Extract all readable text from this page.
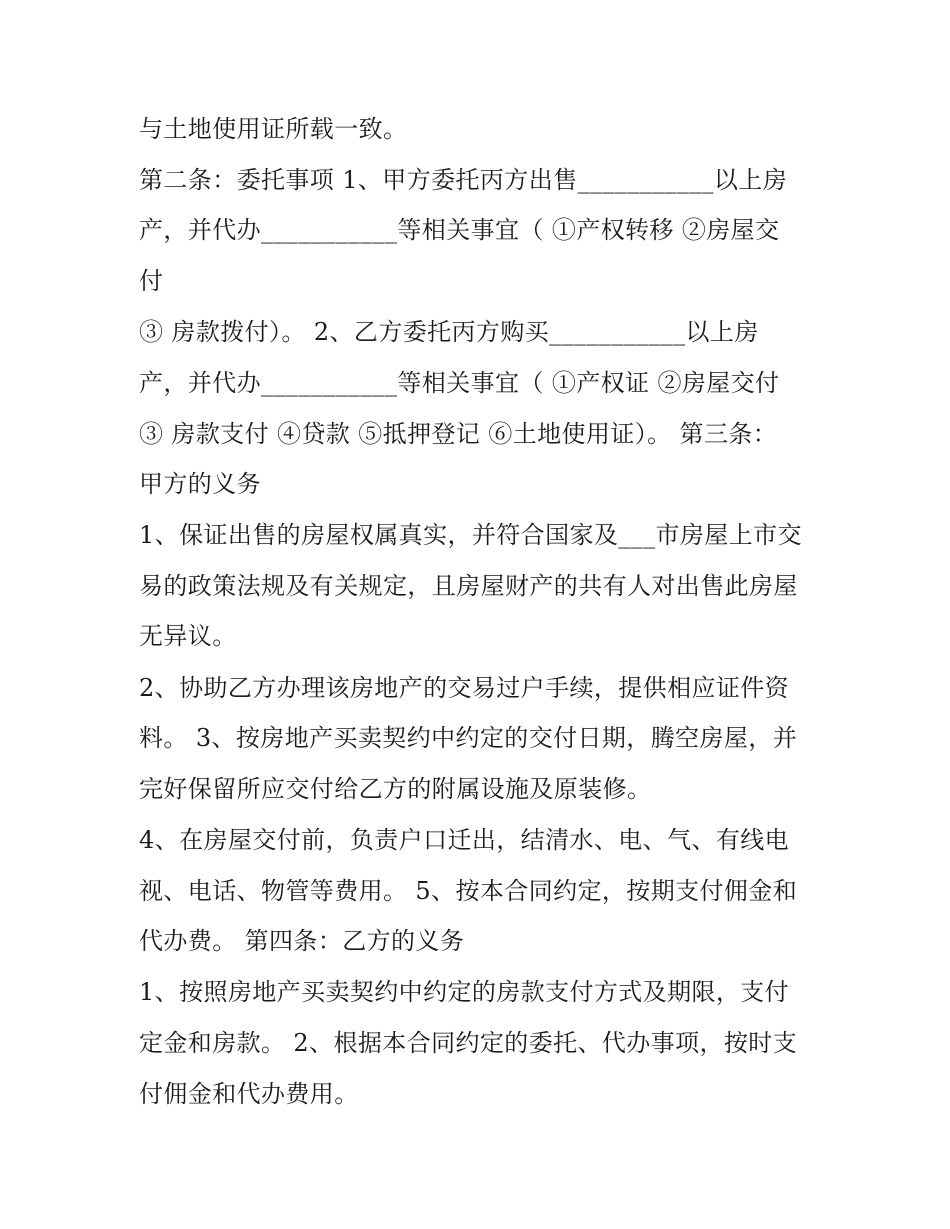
与土地使用证所载一致。

第二条：委托事项 1、甲方委托丙方出售___________以上房

产，并代办___________等相关事宜（ ①产权转移 ②房屋交

付

③ 房款拨付）。 2、乙方委托丙方购买___________以上房

产，并代办___________等相关事宜（ ①产权证 ②房屋交付

③ 房款支付 ④贷款 ⑤抵押登记 ⑥土地使用证）。 第三条：

甲方的义务

1、保证出售的房屋权属真实，并符合国家及___市房屋上市交

易的政策法规及有关规定，且房屋财产的共有人对出售此房屋

无异议。

2、协助乙方办理该房地产的交易过户手续，提供相应证件资

料。 3、按房地产买卖契约中约定的交付日期，腾空房屋，并

完好保留所应交付给乙方的附属设施及原装修。

4、在房屋交付前，负责户口迁出，结清水、电、气、有线电

视、电话、物管等费用。 5、按本合同约定，按期支付佣金和

代办费。 第四条：乙方的义务

1、按照房地产买卖契约中约定的房款支付方式及期限，支付

定金和房款。 2、根据本合同约定的委托、代办事项，按时支

付佣金和代办费用。
